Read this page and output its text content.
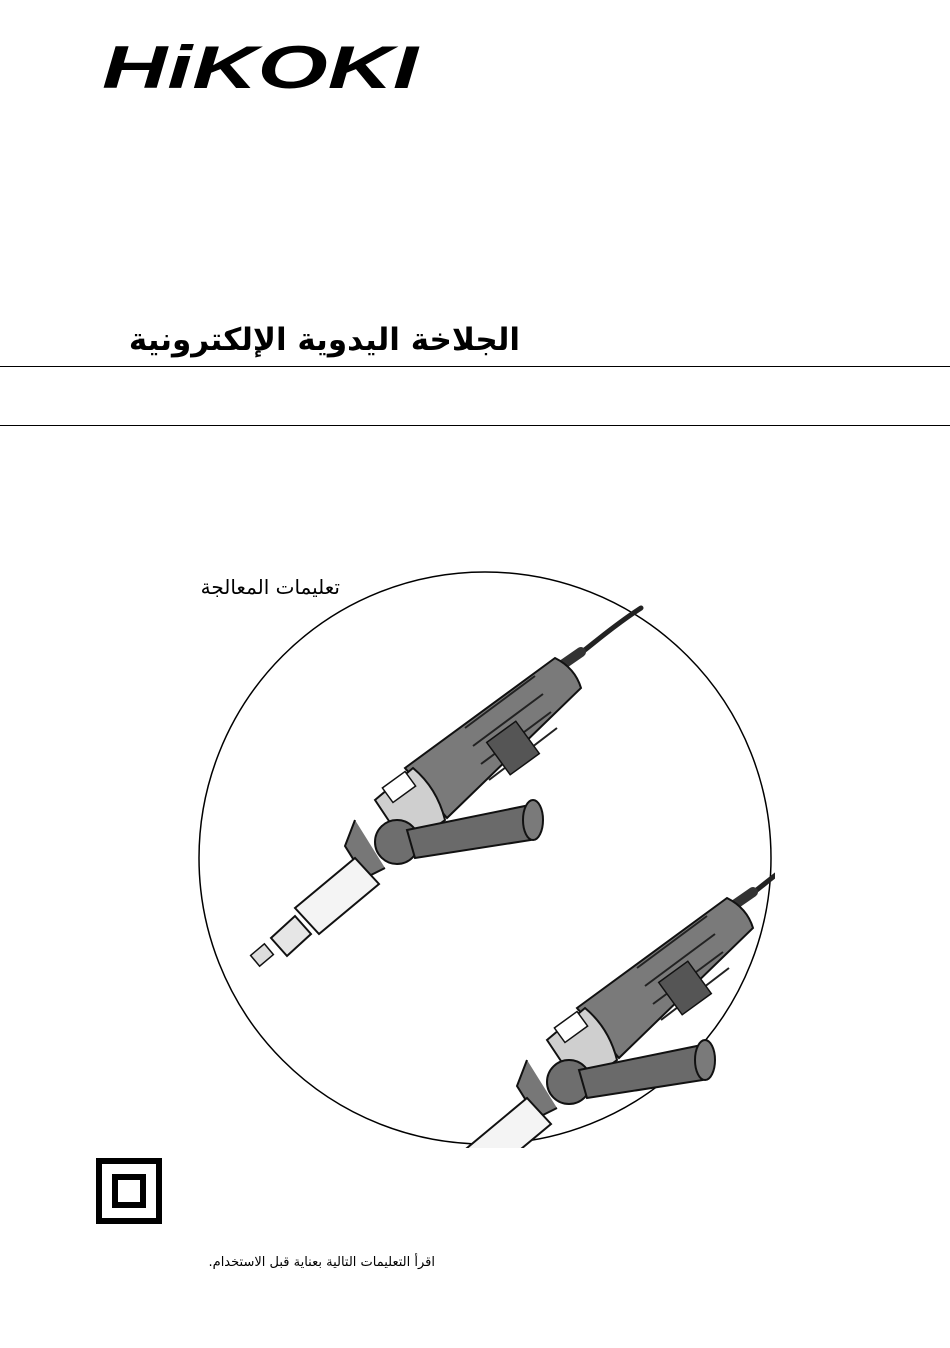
HiKOKI
الجلاخة اليدوية الإلكترونية
تعليمات المعالجة
اقرأ التعليمات التالية بعناية قبل الاستخدام.
